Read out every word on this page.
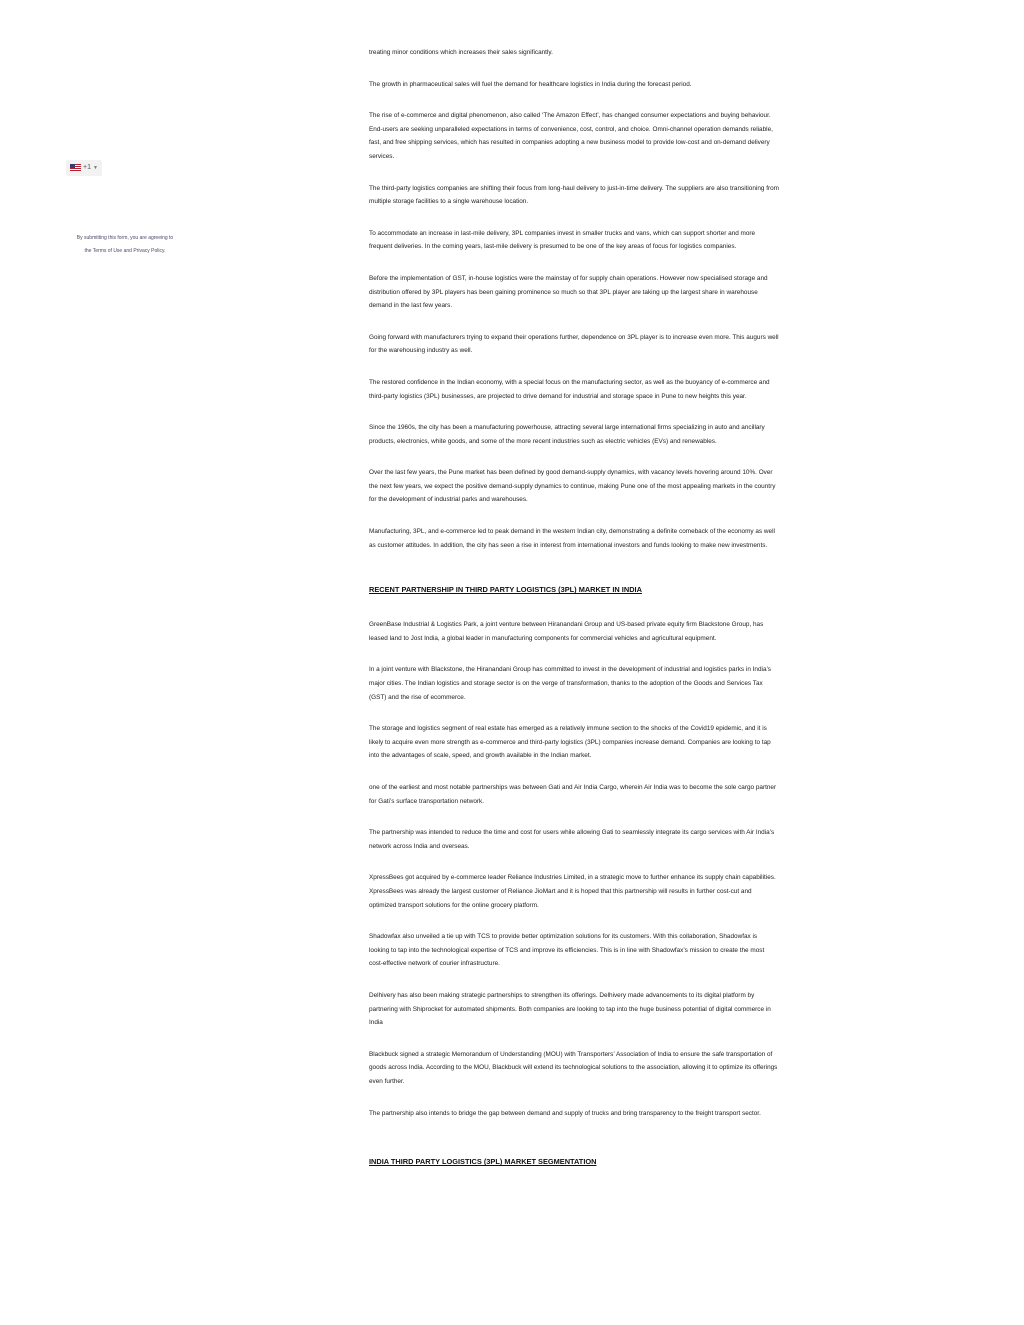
+1 ▼
By submitting this form, you are agreeing to
the Terms of Use and Privacy Policy.

treating minor conditions which increases their sales significantly.

The growth in pharmaceutical sales will fuel the demand for healthcare logistics in India during the forecast period.

The rise of e-commerce and digital phenomenon, also called ‘The Amazon Effect’, has changed consumer expectations and buying behaviour. End-users are seeking unparalleled expectations in terms of convenience, cost, control, and choice. Omni-channel operation demands reliable, fast, and free shipping services, which has resulted in companies adopting a new business model to provide low-cost and on-demand delivery services.

The third-party logistics companies are shifting their focus from long-haul delivery to just-in-time delivery. The suppliers are also transitioning from multiple storage facilities to a single warehouse location.

To accommodate an increase in last-mile delivery, 3PL companies invest in smaller trucks and vans, which can support shorter and more frequent deliveries. In the coming years, last-mile delivery is presumed to be one of the key areas of focus for logistics companies.

Before the implementation of GST, in-house logistics were the mainstay of for supply chain operations. However now specialised storage and distribution offered by 3PL players has been gaining prominence so much so that 3PL player are taking up the largest share in warehouse demand in the last few years.

Going forward with manufacturers trying to expand their operations further, dependence on 3PL player is to increase even more. This augurs well for the warehousing industry as well.

The restored confidence in the Indian economy, with a special focus on the manufacturing sector, as well as the buoyancy of e-commerce and third-party logistics (3PL) businesses, are projected to drive demand for industrial and storage space in Pune to new heights this year.

Since the 1960s, the city has been a manufacturing powerhouse, attracting several large international firms specializing in auto and ancillary products, electronics, white goods, and some of the more recent industries such as electric vehicles (EVs) and renewables.

Over the last few years, the Pune market has been defined by good demand-supply dynamics, with vacancy levels hovering around 10%. Over the next few years, we expect the positive demand-supply dynamics to continue, making Pune one of the most appealing markets in the country for the development of industrial parks and warehouses.

Manufacturing, 3PL, and e-commerce led to peak demand in the western Indian city, demonstrating a definite comeback of the economy as well as customer attitudes. In addition, the city has seen a rise in interest from international investors and funds looking to make new investments.

RECENT PARTNERSHIP IN THIRD PARTY LOGISTICS (3PL) MARKET IN INDIA

GreenBase Industrial & Logistics Park, a joint venture between Hiranandani Group and US-based private equity firm Blackstone Group, has leased land to Jost India, a global leader in manufacturing components for commercial vehicles and agricultural equipment.

In a joint venture with Blackstone, the Hiranandani Group has committed to invest in the development of industrial and logistics parks in India’s major cities. The Indian logistics and storage sector is on the verge of transformation, thanks to the adoption of the Goods and Services Tax (GST) and the rise of ecommerce.

The storage and logistics segment of real estate has emerged as a relatively immune section to the shocks of the Covid19 epidemic, and it is likely to acquire even more strength as e-commerce and third-party logistics (3PL) companies increase demand. Companies are looking to tap into the advantages of scale, speed, and growth available in the Indian market.

one of the earliest and most notable partnerships was between Gati and Air India Cargo, wherein Air India was to become the sole cargo partner for Gati’s surface transportation network.

The partnership was intended to reduce the time and cost for users while allowing Gati to seamlessly integrate its cargo services with Air India’s network across India and overseas.

XpressBees got acquired by e-commerce leader Reliance Industries Limited, in a strategic move to further enhance its supply chain capabilities. XpressBees was already the largest customer of Reliance JioMart and it is hoped that this partnership will results in further cost-cut and optimized transport solutions for the online grocery platform.

Shadowfax also unveiled a tie up with TCS to provide better optimization solutions for its customers. With this collaboration, Shadowfax is looking to tap into the technological expertise of TCS and improve its efficiencies. This is in line with Shadowfax’s mission to create the most cost-effective network of courier infrastructure.

Delhivery has also been making strategic partnerships to strengthen its offerings. Delhivery made advancements to its digital platform by partnering with Shiprocket for automated shipments. Both companies are looking to tap into the huge business potential of digital commerce in India

Blackbuck signed a strategic Memorandum of Understanding (MOU) with Transporters’ Association of India to ensure the safe transportation of goods across India. According to the MOU, Blackbuck will extend its technological solutions to the association, allowing it to optimize its offerings even further.

The partnership also intends to bridge the gap between demand and supply of trucks and bring transparency to the freight transport sector.

INDIA THIRD PARTY LOGISTICS (3PL) MARKET SEGMENTATION
